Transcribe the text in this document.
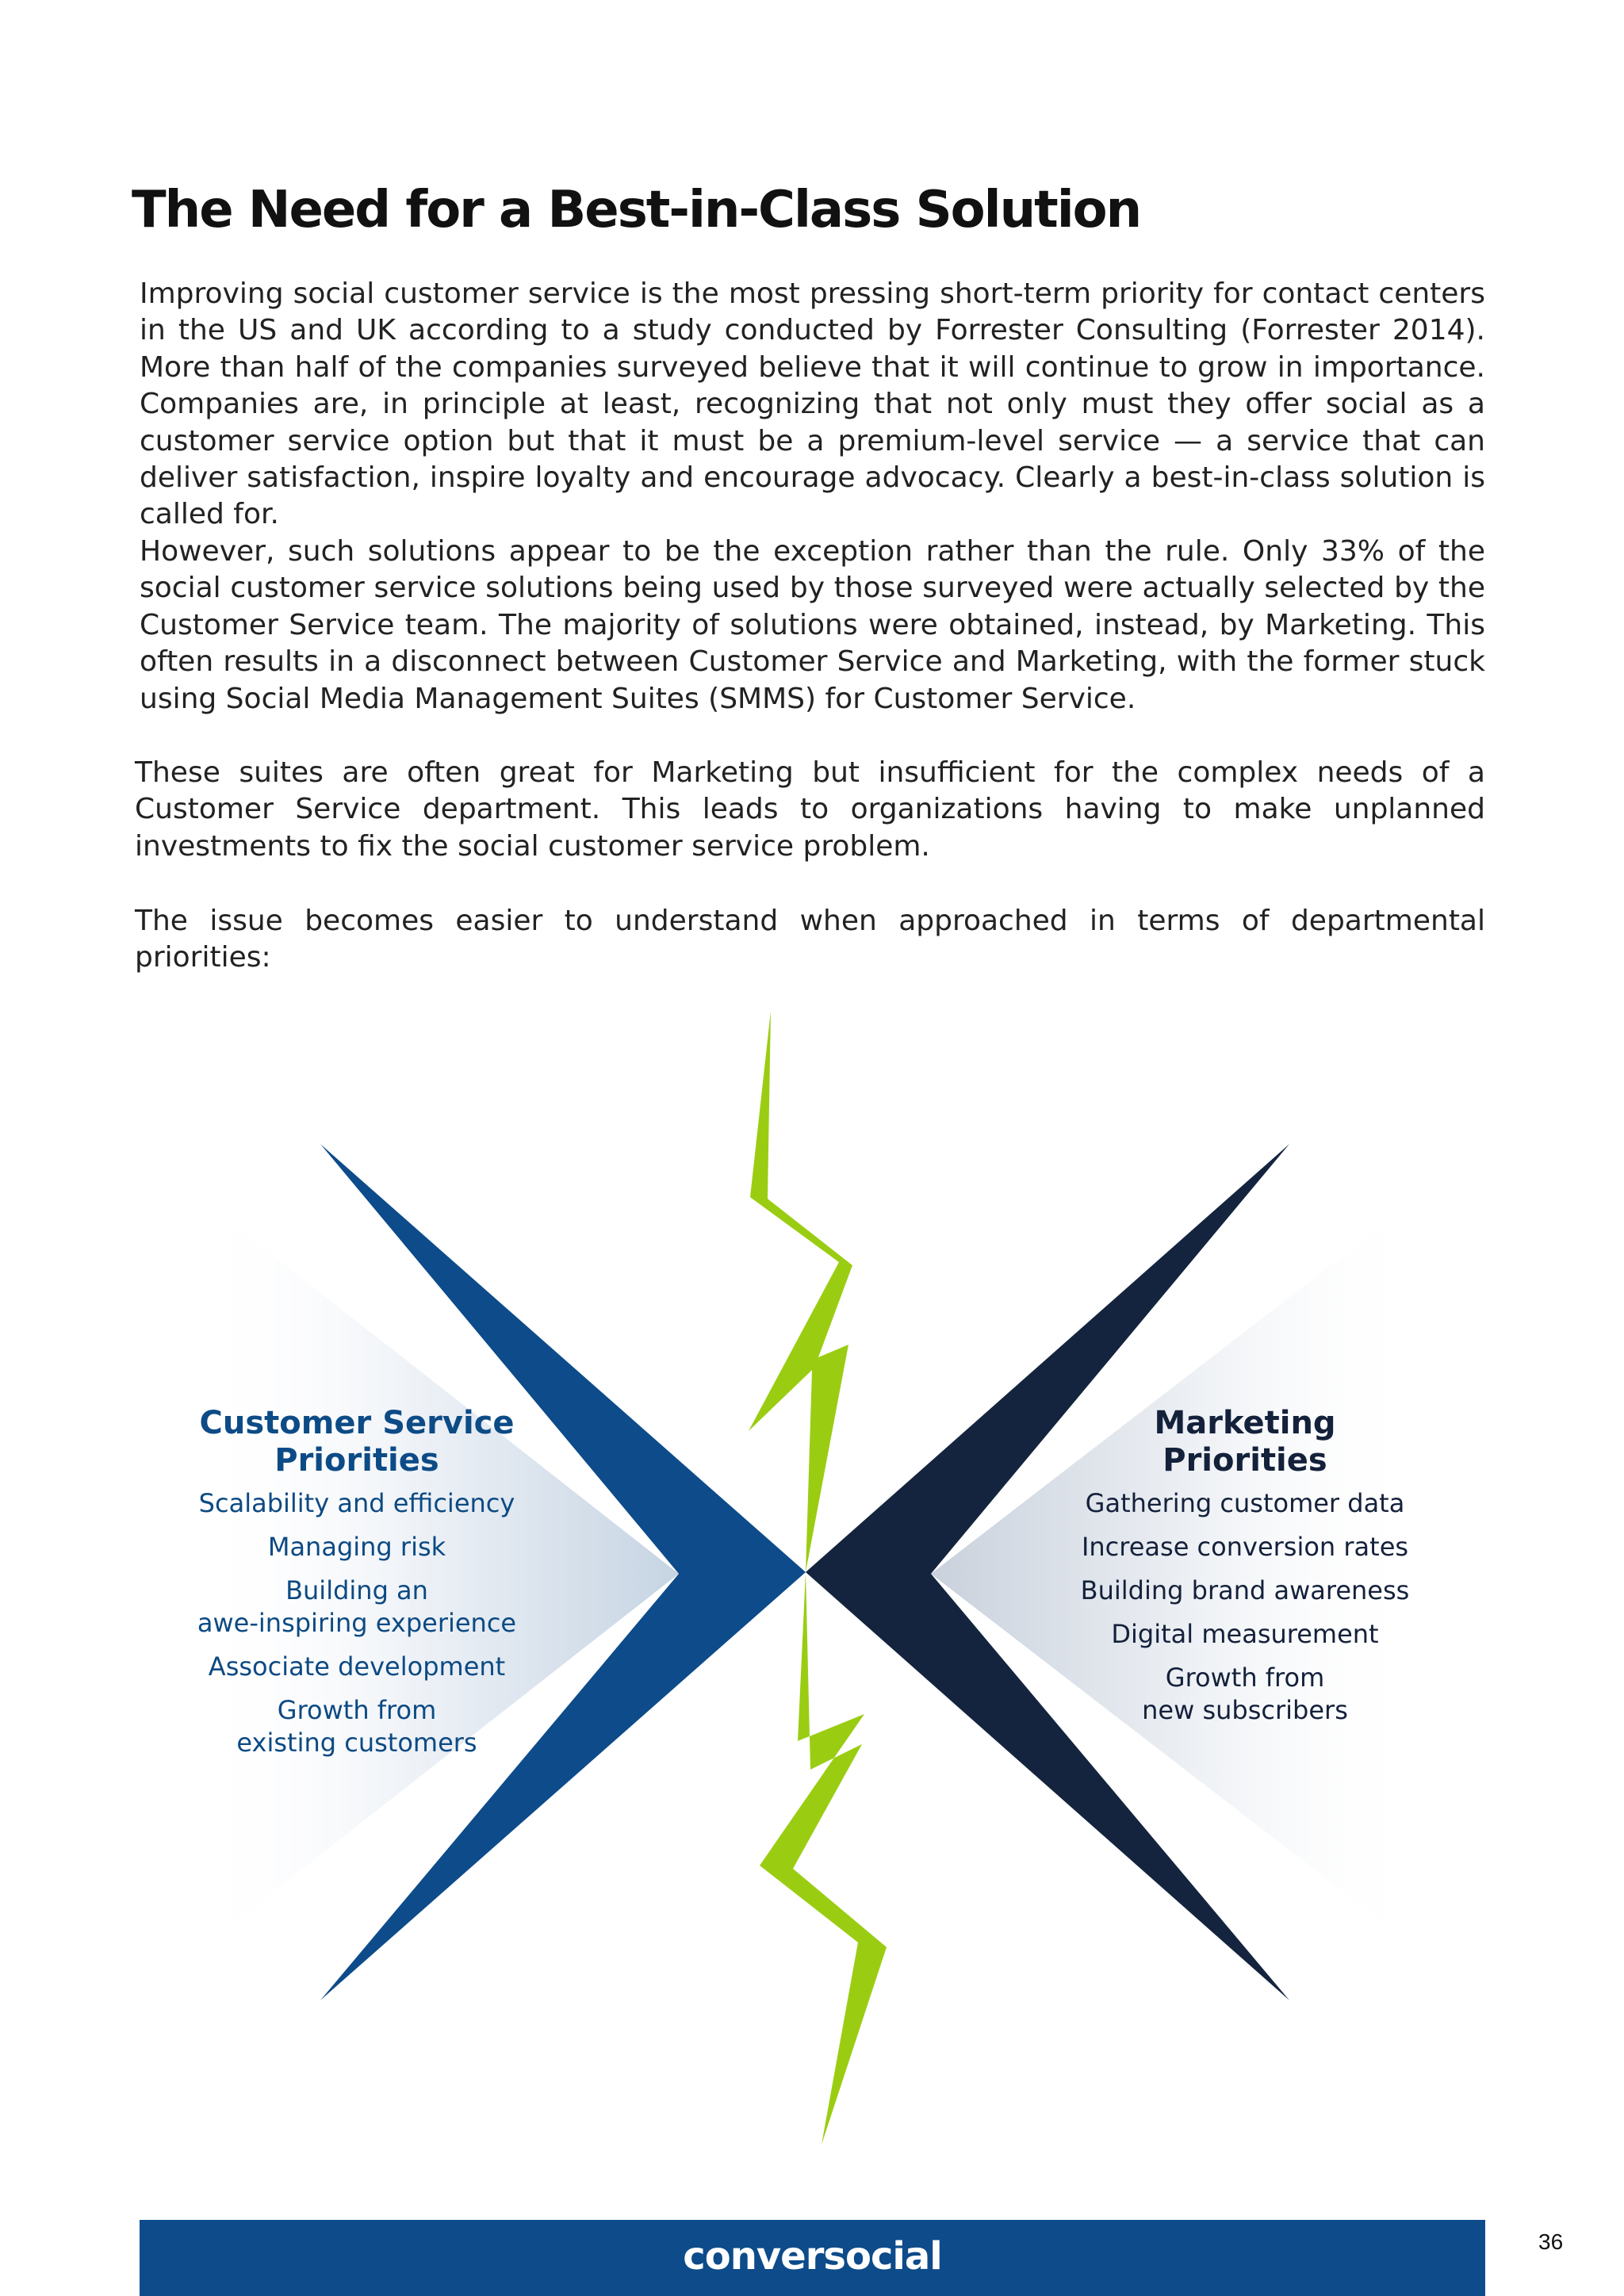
The Need for a Best-in-Class Solution

Improving social customer service is the most pressing short-term priority for contact centers in the US and UK according to a study conducted by Forrester Consulting (Forrester 2014). More than half of the companies surveyed believe that it will continue to grow in importance. Companies are, in principle at least, recognizing that not only must they offer social as a customer service option but that it must be a premium-level service — a service that can deliver satisfaction, inspire loyalty and encourage advocacy. Clearly a best-in-class solution is called for.

However, such solutions appear to be the exception rather than the rule. Only 33% of the social customer service solutions being used by those surveyed were actually selected by the Customer Service team. The majority of solutions were obtained, instead, by Marketing. This often results in a disconnect between Customer Service and Marketing, with the former stuck using Social Media Management Suites (SMMS) for Customer Service.

These suites are often great for Marketing but insufficient for the complex needs of a Customer Service department. This leads to organizations having to make unplanned investments to fix the social customer service problem.

The issue becomes easier to understand when approached in terms of departmental priorities:

Customer Service
Priorities
Scalability and efficiency
Managing risk
Building an
awe-inspiring experience
Associate development
Growth from
existing customers
Marketing
Priorities
Gathering customer data
Increase conversion rates
Building brand awareness
Digital measurement
Growth from
new subscribers
conversocial	36
